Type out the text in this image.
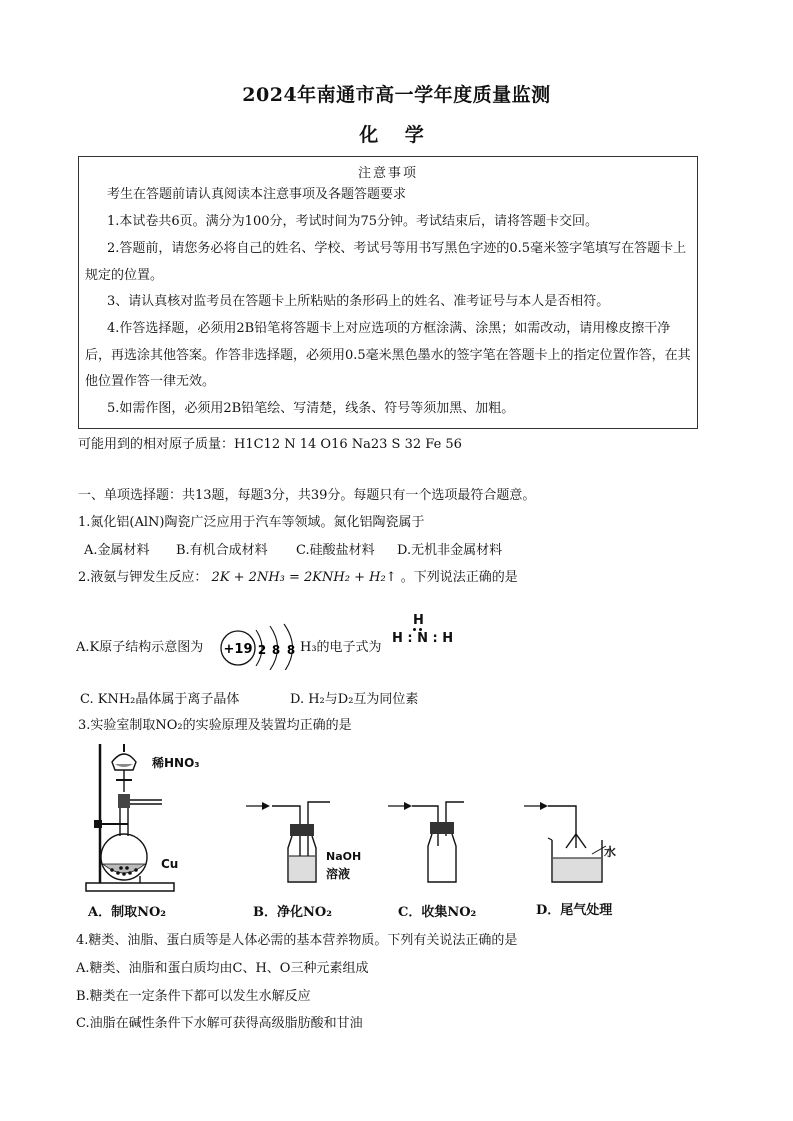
2024年南通市高一学年度质量监测
化 学
注意事项
考生在答题前请认真阅读本注意事项及各题答题要求
1.本试卷共6页。满分为100分，考试时间为75分钟。考试结束后，请将答题卡交回。
2.答题前，请您务必将自己的姓名、学校、考试号等用书写黑色字迹的0.5毫米签字笔填写在答题卡上规定的位置。
3、请认真核对监考员在答题卡上所粘贴的条形码上的姓名、准考证号与本人是否相符。
4.作答选择题，必须用2B铅笔将答题卡上对应选项的方框涂满、涂黑；如需改动，请用橡皮擦干净后，再选涂其他答案。作答非选择题，必须用0.5毫米黑色墨水的签字笔在答题卡上的指定位置作答，在其他位置作答一律无效。
5.如需作图，必须用2B铅笔绘、写清楚，线条、符号等须加黑、加粗。
可能用到的相对原子质量：H1C12 N 14 O16 Na23 S 32 Fe 56
一、单项选择题：共13题，每题3分，共39分。每题只有一个选项最符合题意。
1.氮化铝(AlN)陶瓷广泛应用于汽车等领域。氮化铝陶瓷属于
A.金属材料 B.有机合成材料 C.硅酸盐材料 D.无机非金属材料
2.液氨与钾发生反应： 2K + 2NH₃ = 2KNH₂ + H₂↑ 。下列说法正确的是
A.K原子结构示意图为 +19 2 8 8 H₃的电子式为
H
H : N : H
C. KNH₂晶体属于离子晶体	D. H₂与D₂互为同位素
3.实验室制取NO₂的实验原理及装置均正确的是
稀HNO₃
Cu
NaOH
溶液
水
A．制取NO₂	B．净化NO₂	C．收集NO₂	D．尾气处理
4.糖类、油脂、蛋白质等是人体必需的基本营养物质。下列有关说法正确的是
A.糖类、油脂和蛋白质均由C、H、O三种元素组成
B.糖类在一定条件下都可以发生水解反应
C.油脂在碱性条件下水解可获得高级脂肪酸和甘油
